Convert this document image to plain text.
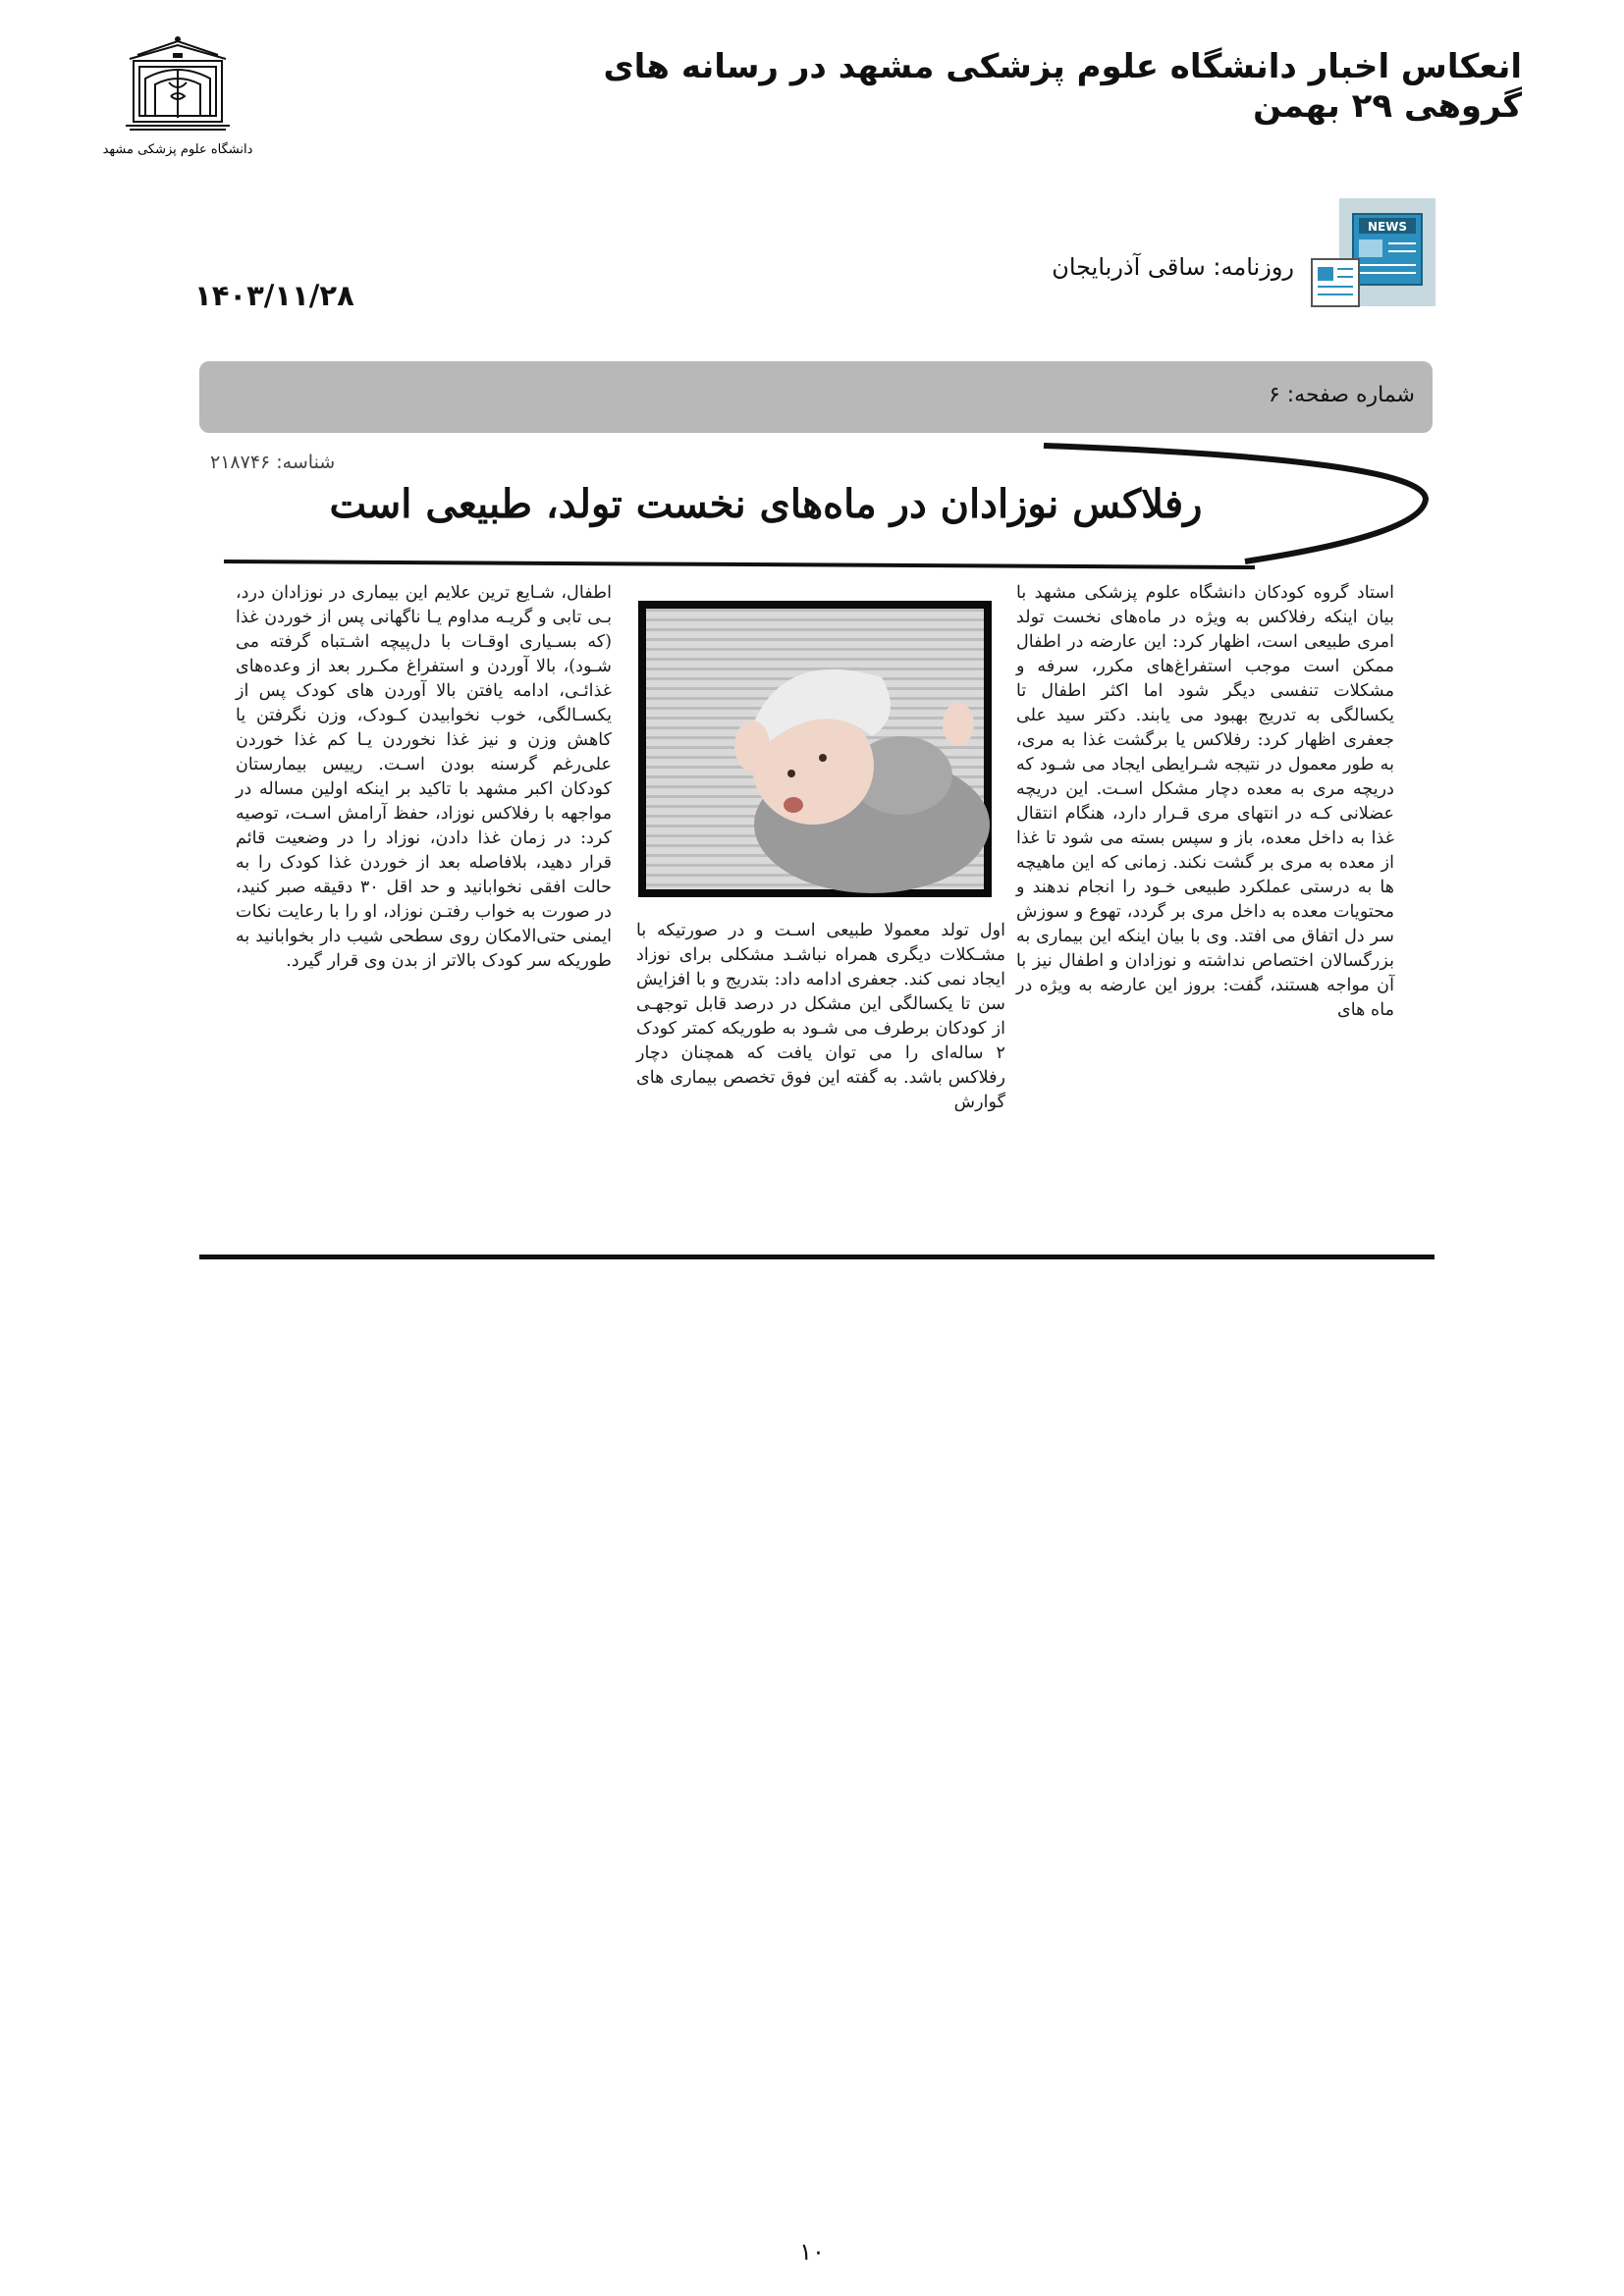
دانشگاه علوم پزشکی مشهد
انعکاس اخبار دانشگاه علوم پزشکی مشهد در رسانه های گروهی ۲۹ بهمن
NEWS
روزنامه: ساقی آذربایجان
۱۴۰۳/۱۱/۲۸
شماره صفحه: ۶
شناسه: ۲۱۸۷۴۶
رفلاکس نوزادان در ماه‌های نخست تولد، طبیعی است
استاد گروه کودکان دانشگاه علوم پزشکی مشهد با بیان اینکه رفلاکس به ویژه در ماه‌های نخست تولد امری طبیعی است، اظهار کرد: این عارضه در اطفال ممکن است موجب استفراغ‌های مکرر، سرفه و مشکلات تنفسی دیگر شود اما اکثر اطفال تا یکسالگی به تدریج بهبود می یابند. دکتر سید علی جعفری اظهار کرد: رفلاکس یا برگشت غذا به مری، به طور معمول در نتیجه شـرایطی ایجاد می شـود که دریچه مری به معده دچار مشکل اسـت. این دریچه عضلانی کـه در انتهای مری قـرار دارد، هنگام انتقال غذا به داخل معده، باز و سپس بسته می شود تا غذا از معده به مری بر گشت نکند. زمانی که این ماهیچه ها به درستی عملکرد طبیعی خـود را انجام ندهند و محتویات معده به داخل مری بر گردد، تهوع و سوزش سر دل اتفاق می افتد. وی با بیان اینکه این بیماری به بزرگسالان اختصاص نداشته و نوزادان و اطفال نیز با آن مواجه هستند، گفت: بروز این عارضه به ویژه در ماه های
اول تولد معمولا طبیعی اسـت و در صورتیکه با مشـکلات دیگری همراه نباشـد مشکلی برای نوزاد ایجاد نمی کند. جعفری ادامه داد: بتدریج و با افزایش سن تا یکسالگی این مشکل در درصد قابل توجهـی از کودکان برطرف می شـود به طوریکه کمتر کودک ۲ ساله‌ای را می توان یافت که همچنان دچار رفلاکس باشد. به گفته این فوق تخصص بیماری های گوارش
اطفال، شـایع ترین علایم این بیماری در نوزادان درد، بـی تابی و گریـه مداوم یـا ناگهانی پس از خوردن غذا (که بسـیاری اوقـات با دل‌پیچه اشـتباه گرفته می شـود)، بالا آوردن و استفراغ مکـرر بعد از وعده‌های غذائـی، ادامه یافتن بالا آوردن های کودک پس از یکسـالگی، خوب نخوابیدن کـودک، وزن نگرفتن یا کاهش وزن و نیز غذا نخوردن یـا کم غذا خوردن علی‌رغم گرسنه بودن اسـت. رییس بیمارستان کودکان اکبر مشهد با تاکید بر اینکه اولین مساله در مواجهه با رفلاکس نوزاد، حفظ آرامش اسـت، توصیه کرد: در زمان غذا دادن، نوزاد را در وضعیت قائم قرار دهید، بلافاصله بعد از خوردن غذا کودک را به حالت افقی نخوابانید و حد اقل ۳۰ دقیقه صبر کنید، در صورت به خواب رفتـن نوزاد، او را با رعایت نکات ایمنی حتی‌الامکان روی سطحی شیب دار بخوابانید به طوریکه سر کودک بالاتر از بدن وی قرار گیرد.
۱۰
